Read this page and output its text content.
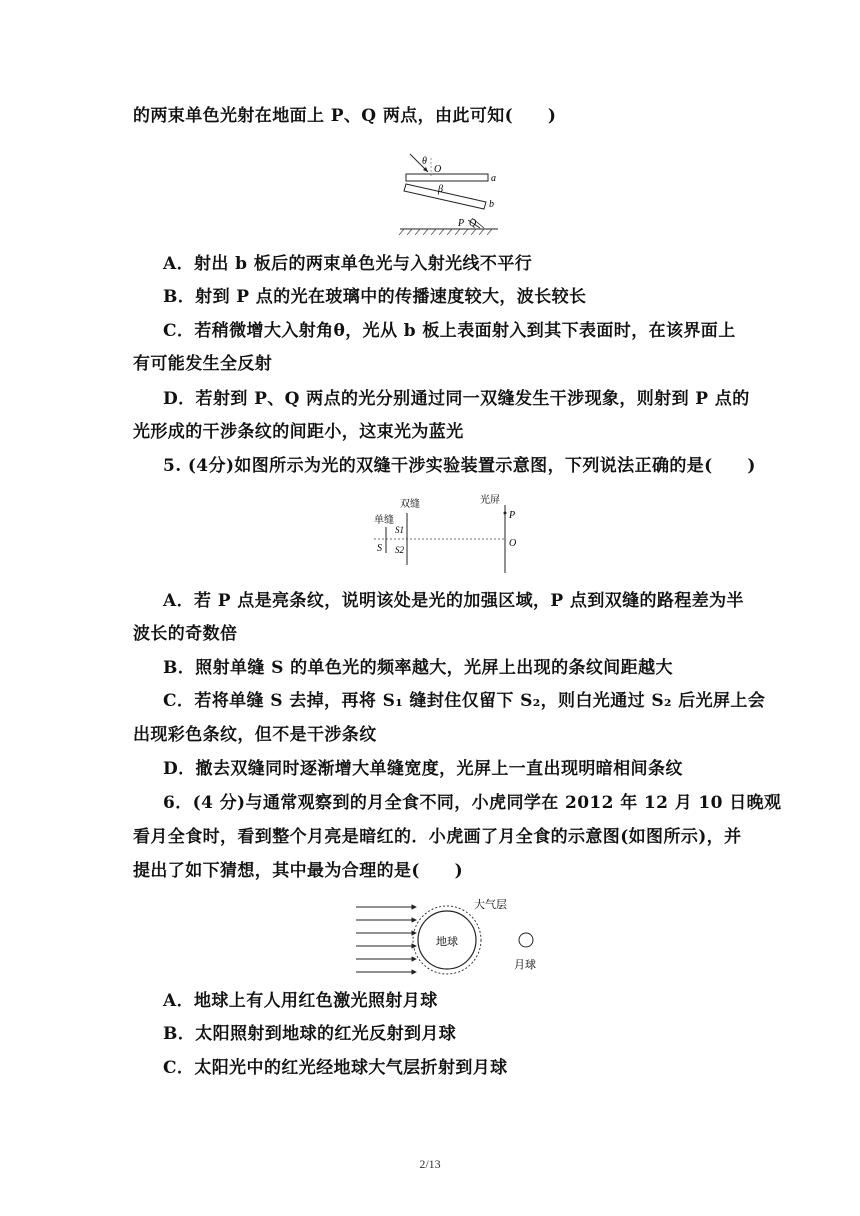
的两束单色光射在地面上 P、Q 两点，由此可知(　　)
θ
O
a
β
b
P Q
A．射出 b 板后的两束单色光与入射光线不平行
B．射到 P 点的光在玻璃中的传播速度较大，波长较长
C．若稍微增大入射角θ，光从 b 板上表面射入到其下表面时，在该界面上
有可能发生全反射
D．若射到 P、Q 两点的光分别通过同一双缝发生干涉现象，则射到 P 点的
光形成的干涉条纹的间距小，这束光为蓝光
5. (4分)如图所示为光的双缝干涉实验装置示意图，下列说法正确的是(　　)
双缝	光屏
单缝	P
O
S
S1
S2
A．若 P 点是亮条纹，说明该处是光的加强区域，P 点到双缝的路程差为半
波长的奇数倍
B．照射单缝 S 的单色光的频率越大，光屏上出现的条纹间距越大
C．若将单缝 S 去掉，再将 S₁ 缝封住仅留下 S₂，则白光通过 S₂ 后光屏上会
出现彩色条纹，但不是干涉条纹
D．撤去双缝同时逐渐增大单缝宽度，光屏上一直出现明暗相间条纹
6．(4 分)与通常观察到的月全食不同，小虎同学在 2012 年 12 月 10 日晚观
看月全食时，看到整个月亮是暗红的．小虎画了月全食的示意图(如图所示)，并
提出了如下猜想，其中最为合理的是(　　)
地球
大气层
月球
A．地球上有人用红色激光照射月球
B．太阳照射到地球的红光反射到月球
C．太阳光中的红光经地球大气层折射到月球
2/13
